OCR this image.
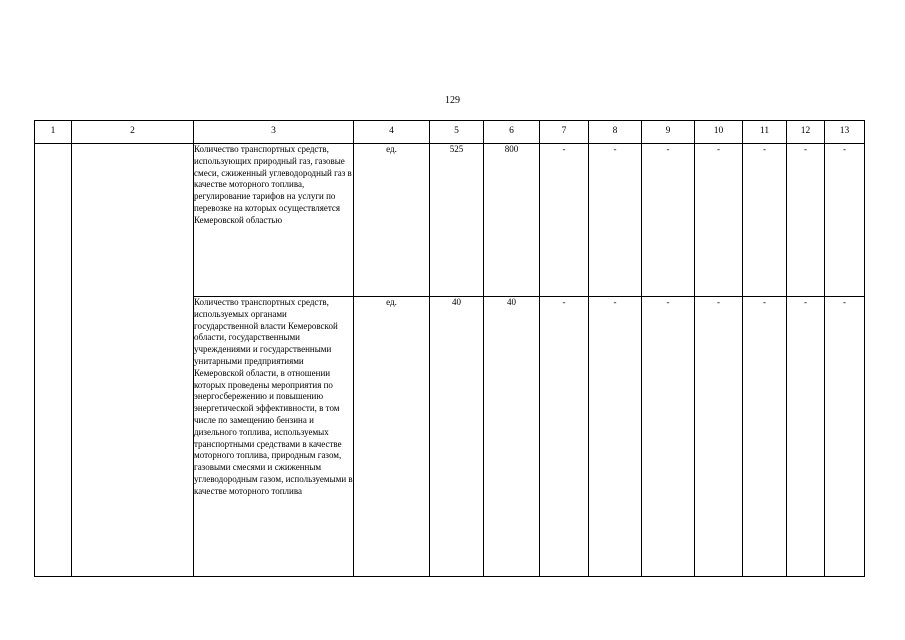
129
1	2	3	4	5	6	7	8	9	10	11	12	13
		Количество транспортных средств, использующих природный газ, газовые смеси, сжиженный углеводородный газ в качестве моторного топлива, регулирование тарифов на услуги по перевозке на которых осуществляется Кемеровской областью	ед.	525	800	-	-	-	-	-	-	-
		Количество транспортных средств, используемых органами государственной власти Кемеровской области, государственными учреждениями и государственными унитарными предприятиями Кемеровской области, в отношении которых проведены мероприятия по энергосбережению и повышению энергетической эффективности, в том числе по замещению бензина и дизельного топлива, используемых транспортными средствами в качестве моторного топлива, природным газом, газовыми смесями и сжиженным углеводородным газом, используемыми в качестве моторного топлива	ед.	40	40	-	-	-	-	-	-	-
